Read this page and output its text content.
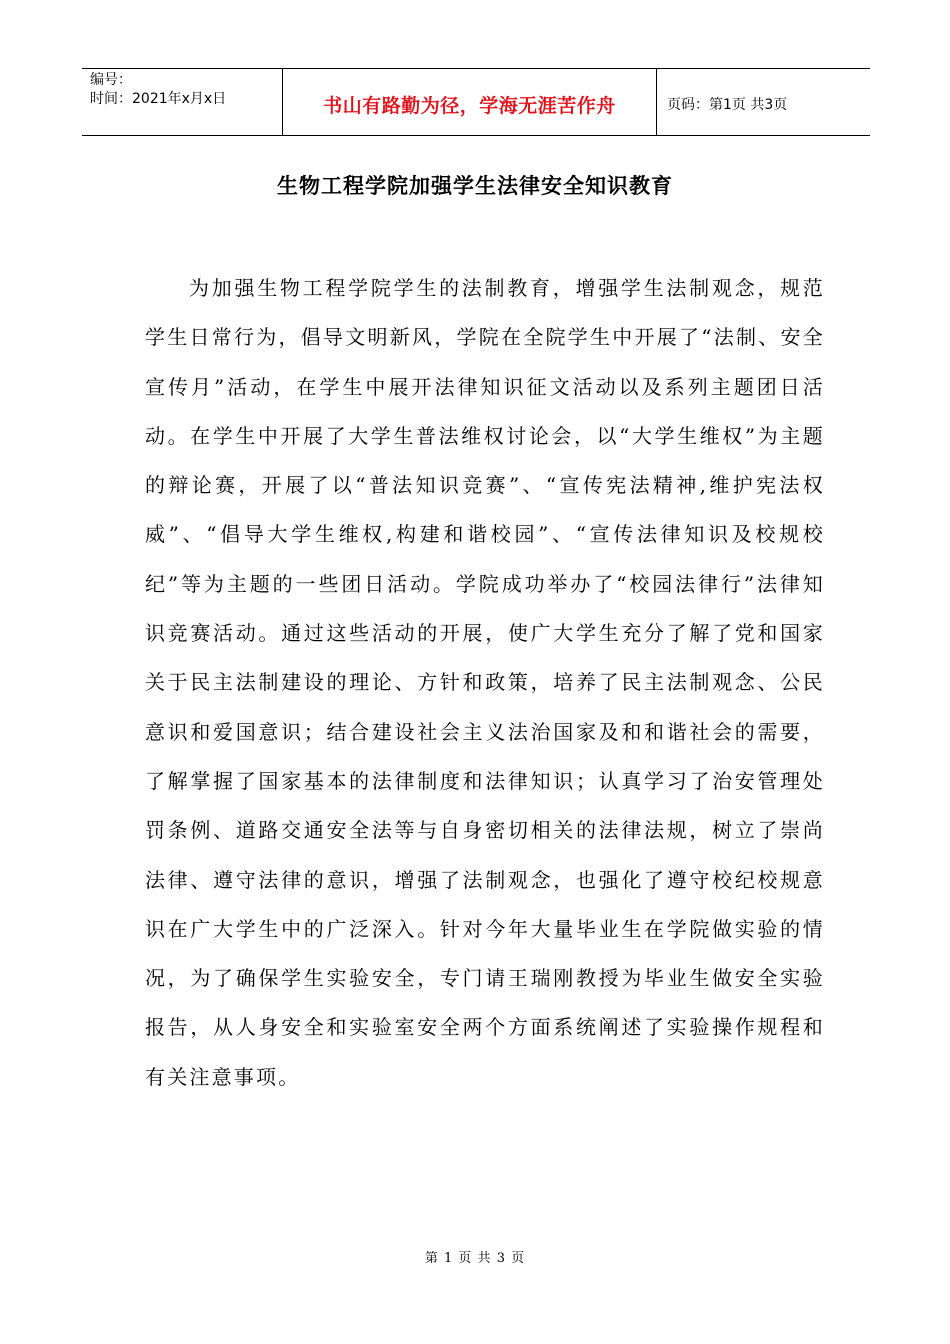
编号：
时间：2021年x月x日	书山有路勤为径，学海无涯苦作舟	页码：第1页 共3页
生物工程学院加强学生法律安全知识教育

为加强生物工程学院学生的法制教育，增强学生法制观念，规范学生日常行为，倡导文明新风，学院在全院学生中开展了“法制、安全宣传月”活动，在学生中展开法律知识征文活动以及系列主题团日活动。在学生中开展了大学生普法维权讨论会，以“大学生维权”为主题的辩论赛，开展了以“普法知识竞赛”、“宣传宪法精神,维护宪法权威”、“倡导大学生维权,构建和谐校园”、“宣传法律知识及校规校纪”等为主题的一些团日活动。学院成功举办了“校园法律行”法律知识竞赛活动。通过这些活动的开展，使广大学生充分了解了党和国家关于民主法制建设的理论、方针和政策，培养了民主法制观念、公民意识和爱国意识；结合建设社会主义法治国家及和和谐社会的需要，了解掌握了国家基本的法律制度和法律知识；认真学习了治安管理处罚条例、道路交通安全法等与自身密切相关的法律法规，树立了崇尚法律、遵守法律的意识，增强了法制观念，也强化了遵守校纪校规意识在广大学生中的广泛深入。针对今年大量毕业生在学院做实验的情况，为了确保学生实验安全，专门请王瑞刚教授为毕业生做安全实验报告，从人身安全和实验室安全两个方面系统阐述了实验操作规程和有关注意事项。

第 1 页 共 3 页
